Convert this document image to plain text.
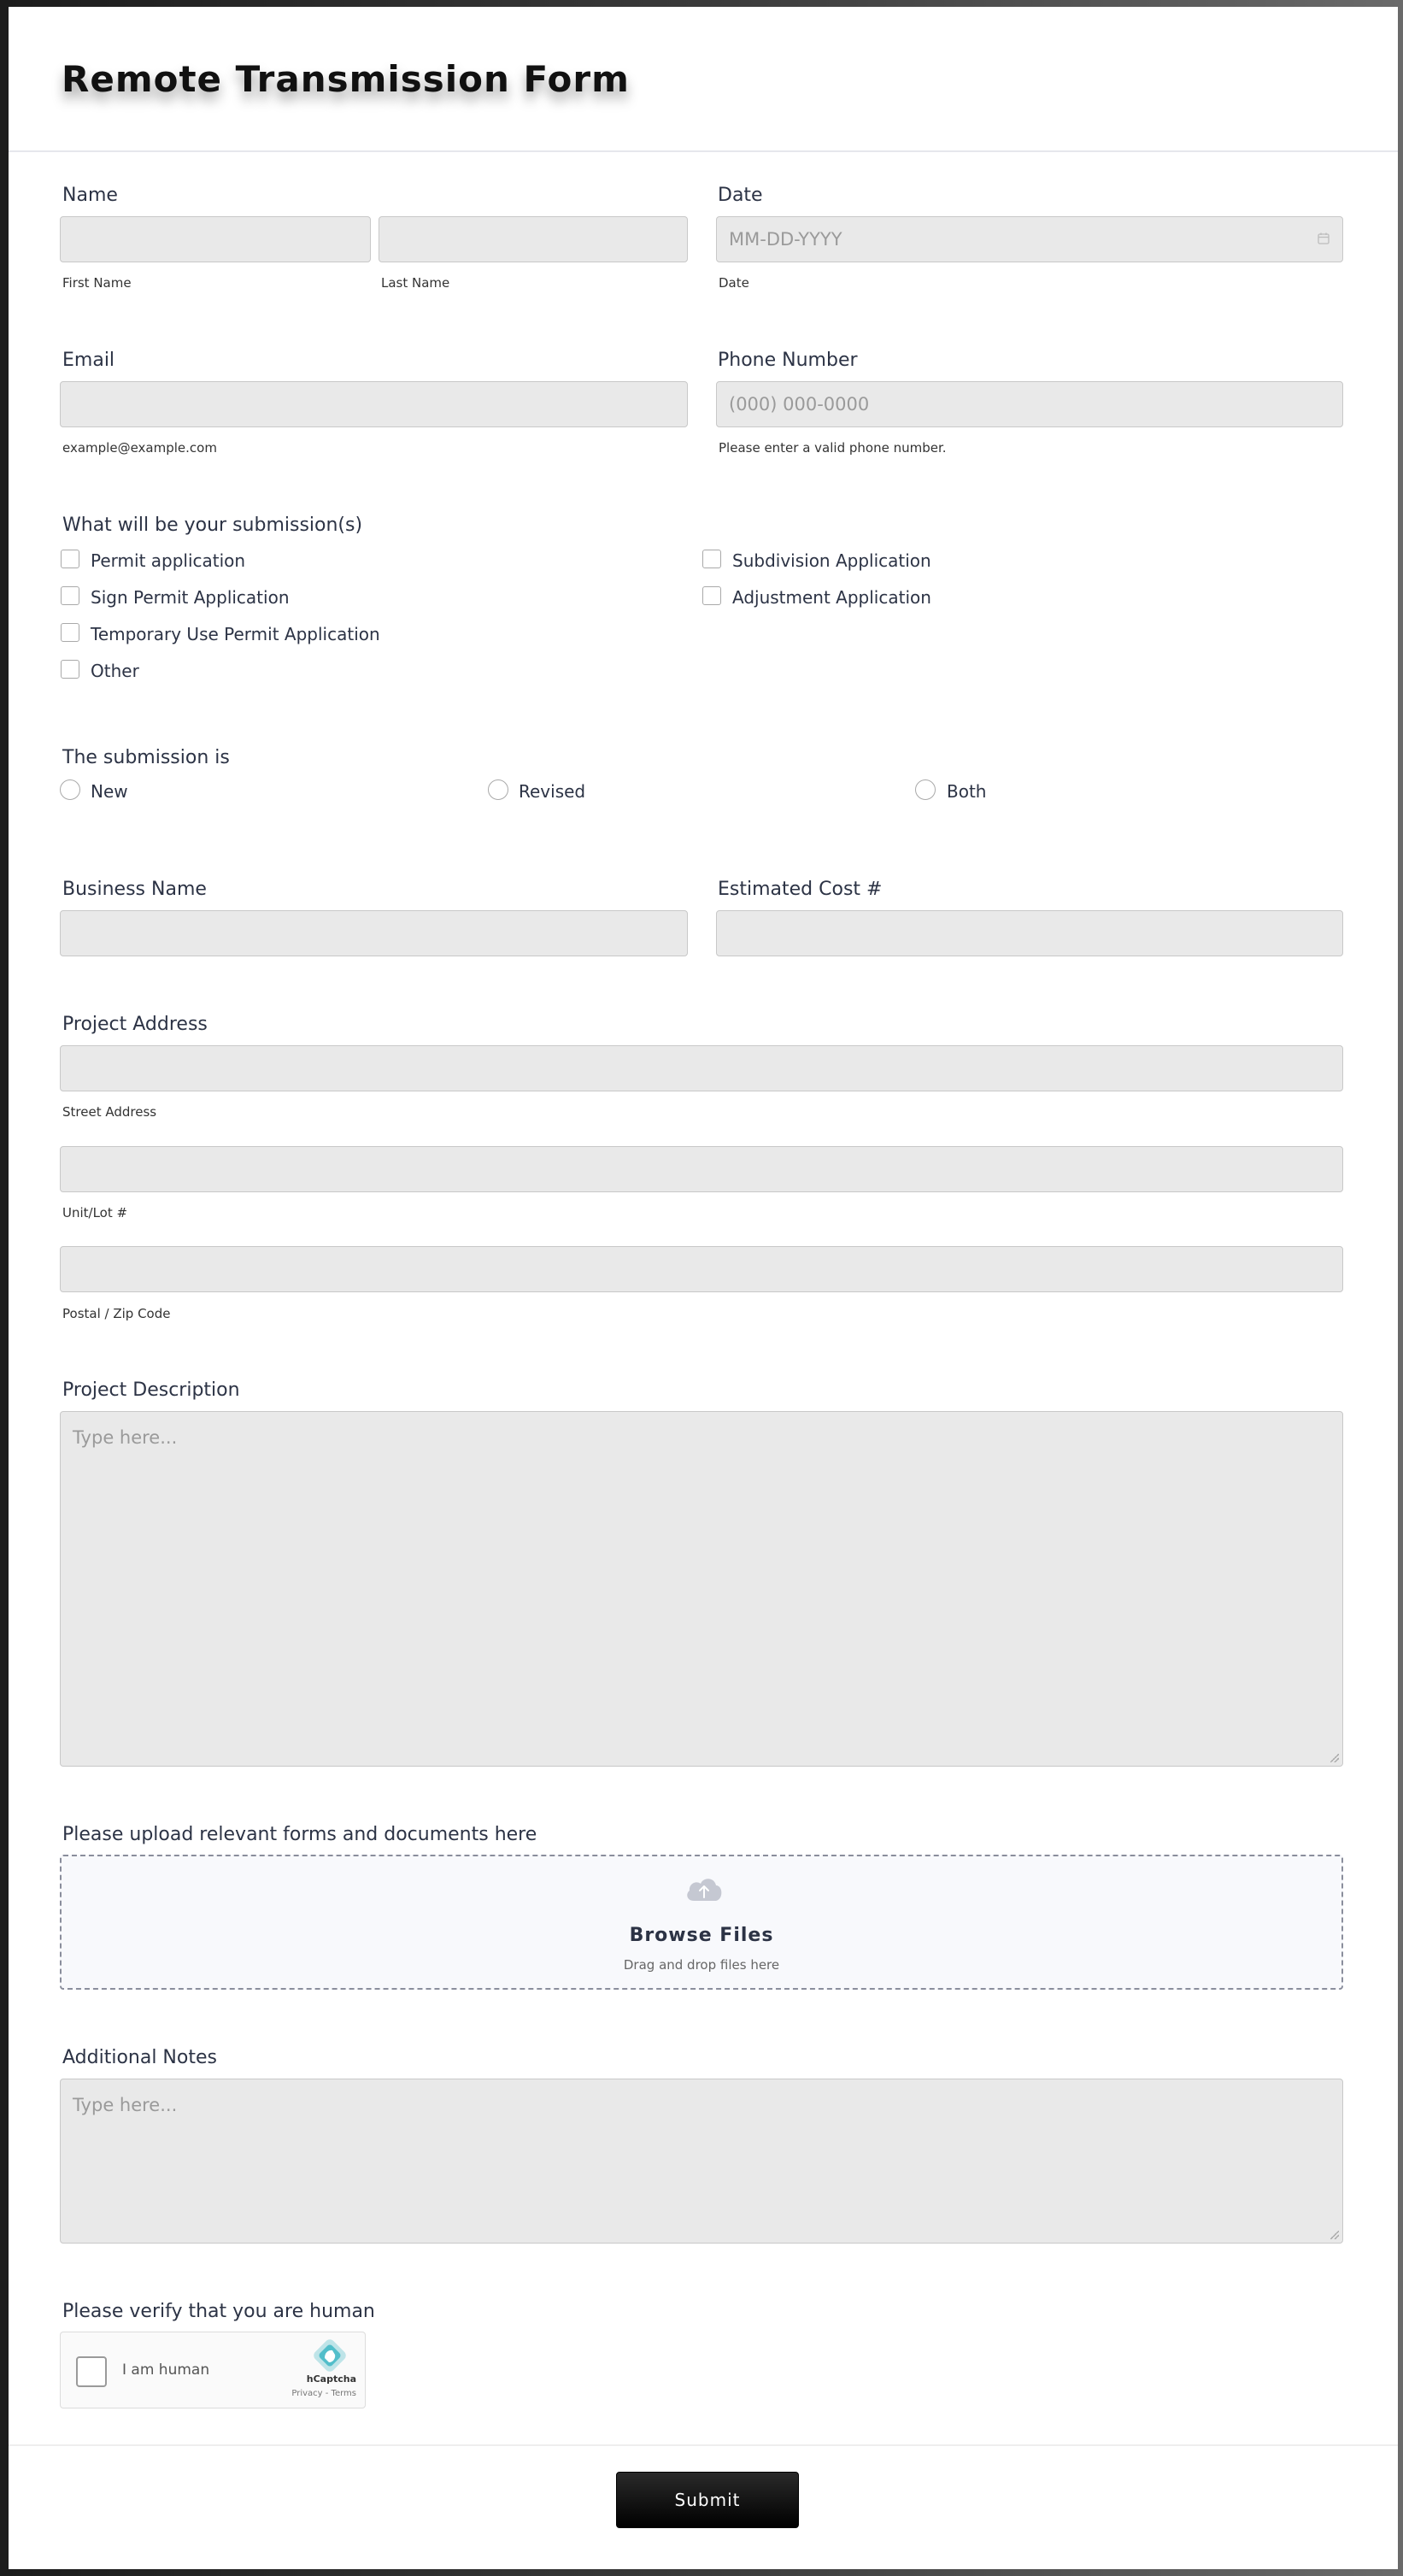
Remote Transmission Form
Name
First Name	Last Name
Date
MM-DD-YYYY
Date
Email
example@example.com
Phone Number
(000) 000-0000
Please enter a valid phone number.
What will be your submission(s)
Permit application
Sign Permit Application
Temporary Use Permit Application
Other
Subdivision Application
Adjustment Application
The submission is
New	Revised	Both
Business Name	Estimated Cost #
Project Address
Street Address
Unit/Lot #
Postal / Zip Code
Project Description
Type here...
Please upload relevant forms and documents here
Browse Files
Drag and drop files here
Additional Notes
Type here...
Please verify that you are human
I am human
hCaptcha
Privacy - Terms
Submit
